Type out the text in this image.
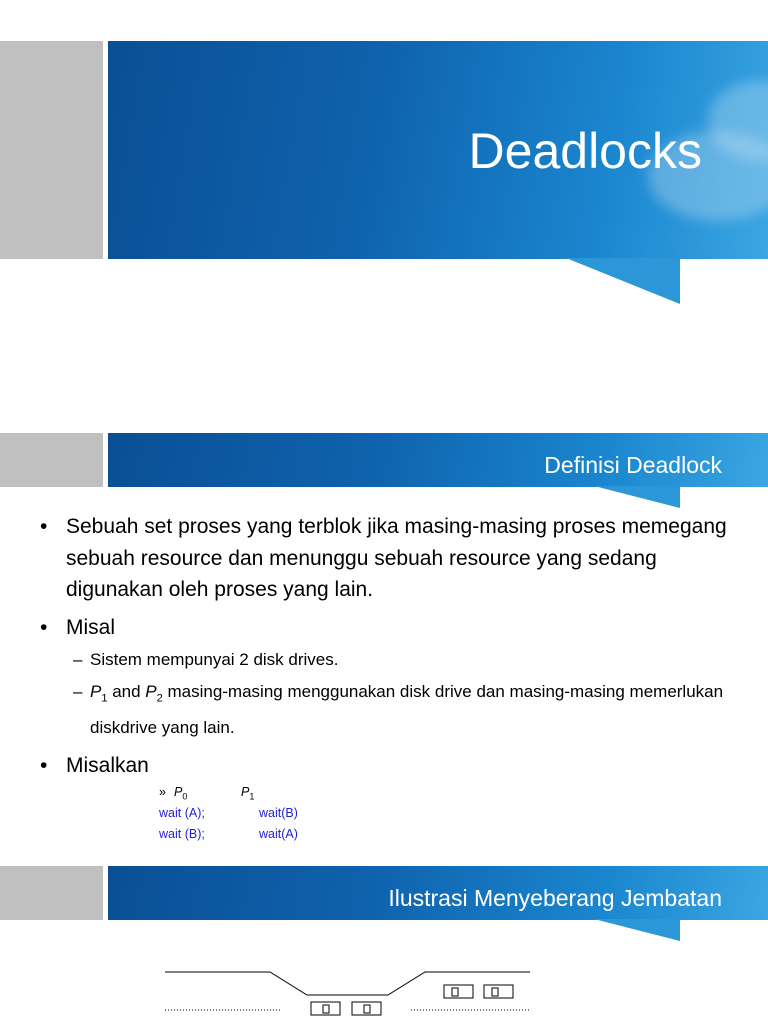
Deadlocks
Definisi Deadlock
• Sebuah set proses yang terblok jika masing-masing proses memegang sebuah resource dan menunggu sebuah resource yang sedang digunakan oleh proses yang lain.
• Misal
– Sistem mempunyai 2 disk drives.
– $P_1$ and $P_2$ masing-masing menggunakan disk drive dan masing-masing memerlukan diskdrive yang lain.
• Misalkan
» $P_0$	$P_1$
wait (A);	wait(B)
wait (B);	wait(A)
Ilustrasi Menyeberang Jembatan
